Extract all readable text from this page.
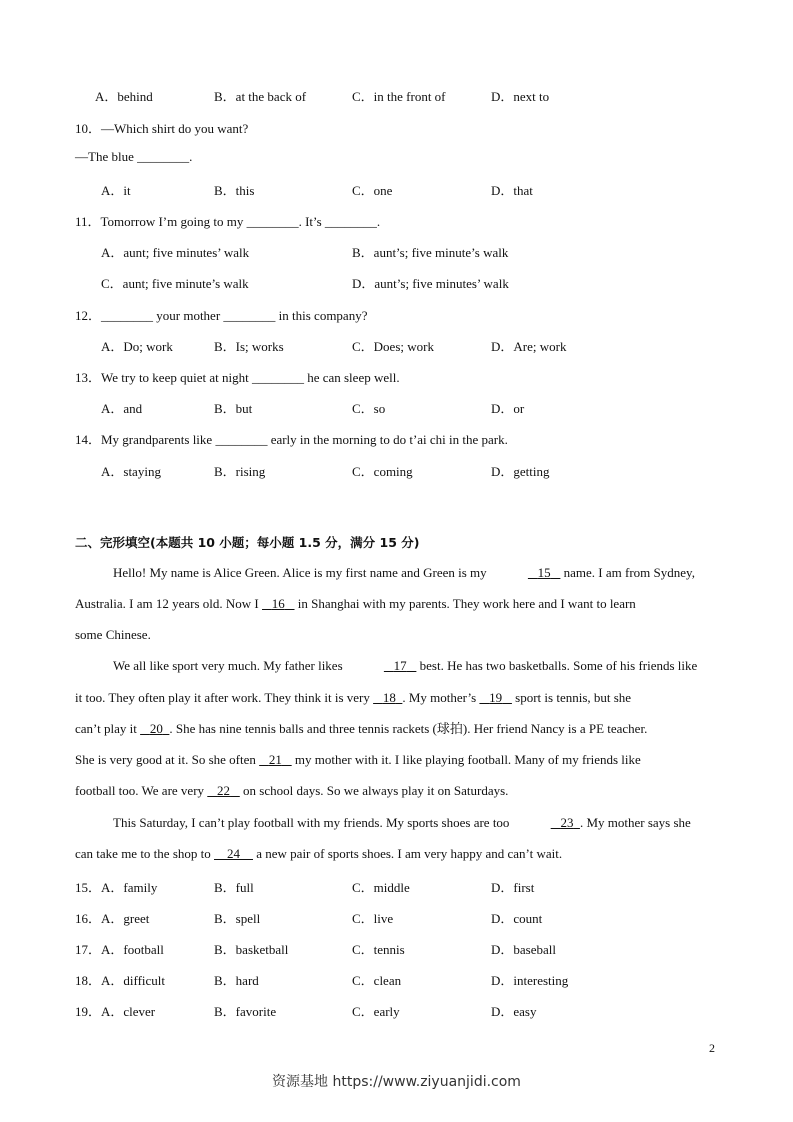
A．behind	B．at the back of	C．in the front of	D．next to
10．—Which shirt do you want?
—The blue ________.
A．it	B．this	C．one	D．that
11．Tomorrow I’m going to my ________. It’s ________.
A．aunt; five minutes’ walk	B．aunt’s; five minute’s walk
C．aunt; five minute’s walk	D．aunt’s; five minutes’ walk
12．________ your mother ________ in this company?
A．Do; work	B．Is; works	C．Does; work	D．Are; work
13．We try to keep quiet at night ________ he can sleep well.
A．and	B．but	C．so	D．or
14．My grandparents like ________ early in the morning to do t’ai chi in the park.
A．staying	B．rising	C．coming	D．getting
二、完形填空(本题共 10 小题；每小题 1.5 分，满分 15 分)
Hello! My name is Alice Green. Alice is my first name and Green is my	15    name. I am from Sydney,
Australia. I am 12 years old. Now I    16    in Shanghai with my parents. They work here and I want to learn
some Chinese.
We all like sport very much. My father likes	17    best. He has two basketballs. Some of his friends like
it too. They often play it after work. They think it is very    18 . My mother’s    19    sport is tennis, but she
can’t play it    20 . She has nine tennis balls and three tennis rackets (球拍). Her friend Nancy is a PE teacher.
She is very good at it. So she often    21    my mother with it. I like playing football. Many of my friends like
football too. We are very    22    on school days. So we always play it on Saturdays.
This Saturday, I can’t play football with my friends. My sports shoes are too	23 . My mother says she
can take me to the shop to     24     a new pair of sports shoes. I am very happy and can’t wait.
15．A．family	B．full	C．middle	D．first
16．A．greet	B．spell	C．live	D．count
17．A．football	B．basketball	C．tennis	D．baseball
18．A．difficult	B．hard	C．clean	D．interesting
19．A．clever	B．favorite	C．early	D．easy
2
资源基地 https://www.ziyuanjidi.com
